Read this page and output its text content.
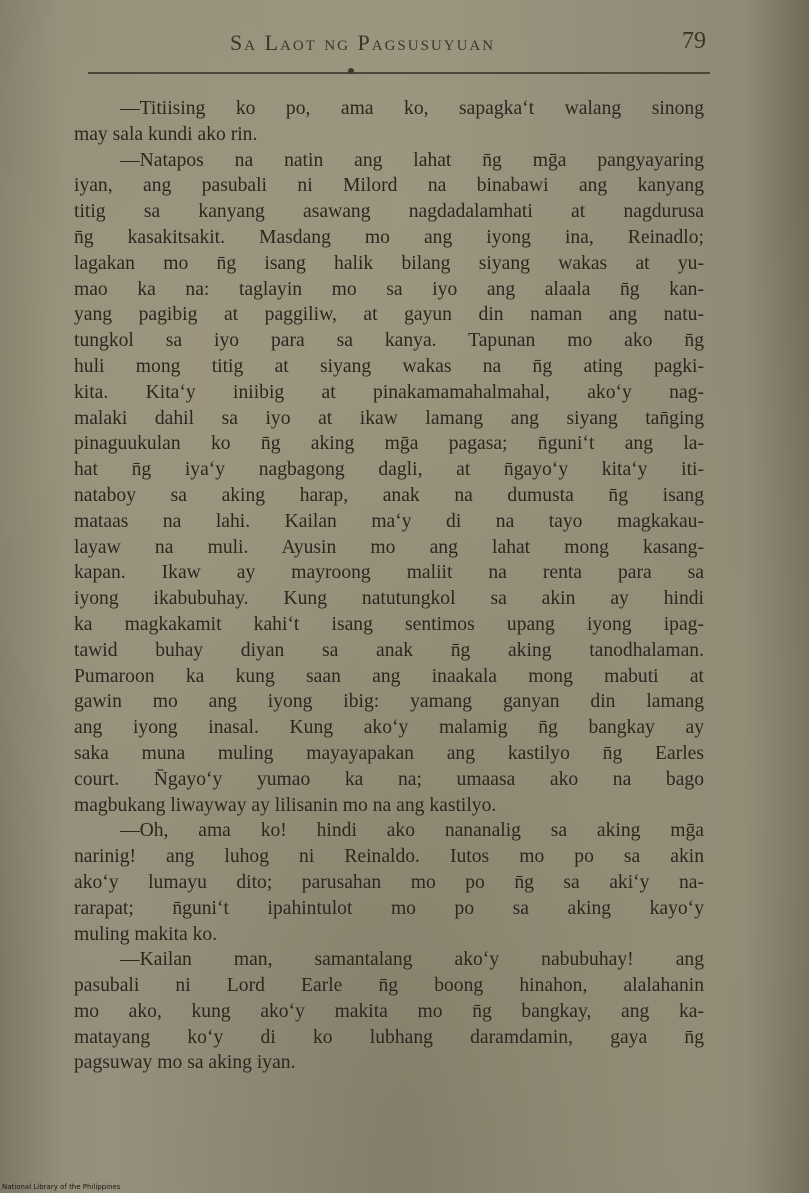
Sa Laot ng Pagsusuyuan	79
—Titiising ko po, ama ko, sapagka‘t walang sinong
may sala kundi ako rin.
—Natapos na natin ang lahat n̄g mḡa pangyayaring
iyan, ang pasubali ni Milord na binabawi ang kanyang
titig sa kanyang asawang nagdadalamhati at nagdurusa
n̄g kasakitsakit. Masdang mo ang iyong ina, Reinadlo;
lagakan mo n̄g isang halik bilang siyang wakas at yu-
mao ka na: taglayin mo sa iyo ang alaala n̄g kan-
yang pagibig at paggiliw, at gayun din naman ang natu-
tungkol sa iyo para sa kanya. Tapunan mo ako n̄g
huli mong titig at siyang wakas na n̄g ating pagki-
kita. Kita‘y iniibig at pinakamamahalmahal, ako‘y nag-
malaki dahil sa iyo at ikaw lamang ang siyang tan̄ging
pinaguukulan ko n̄g aking mḡa pagasa; n̄guni‘t ang la-
hat n̄g iya‘y nagbagong dagli, at n̄gayo‘y kita‘y iti-
nataboy sa aking harap, anak na dumusta n̄g isang
mataas na lahi. Kailan ma‘y di na tayo magkakau-
layaw na muli. Ayusin mo ang lahat mong kasang-
kapan. Ikaw ay mayroong maliit na renta para sa
iyong ikabubuhay. Kung natutungkol sa akin ay hindi
ka magkakamit kahi‘t isang sentimos upang iyong ipag-
tawid buhay diyan sa anak n̄g aking tanodhalaman.
Pumaroon ka kung saan ang inaakala mong mabuti at
gawin mo ang iyong ibig: yamang ganyan din lamang
ang iyong inasal. Kung ako‘y malamig n̄g bangkay ay
saka muna muling mayayapakan ang kastilyo n̄g Earles
court. N̄gayo‘y yumao ka na; umaasa ako na bago
magbukang liwayway ay lilisanin mo na ang kastilyo.
—Oh, ama ko! hindi ako nananalig sa aking mḡa
narinig! ang luhog ni Reinaldo. Iutos mo po sa akin
ako‘y lumayu dito; parusahan mo po n̄g sa aki‘y na-
rarapat; n̄guni‘t ipahintulot mo po sa aking kayo‘y
muling makita ko.
—Kailan man, samantalang ako‘y nabubuhay! ang
pasubali ni Lord Earle n̄g boong hinahon, alalahanin
mo ako, kung ako‘y makita mo n̄g bangkay, ang ka-
matayang ko‘y di ko lubhang daramdamin, gaya n̄g
pagsuway mo sa aking iyan.
National Library of the Philippines
